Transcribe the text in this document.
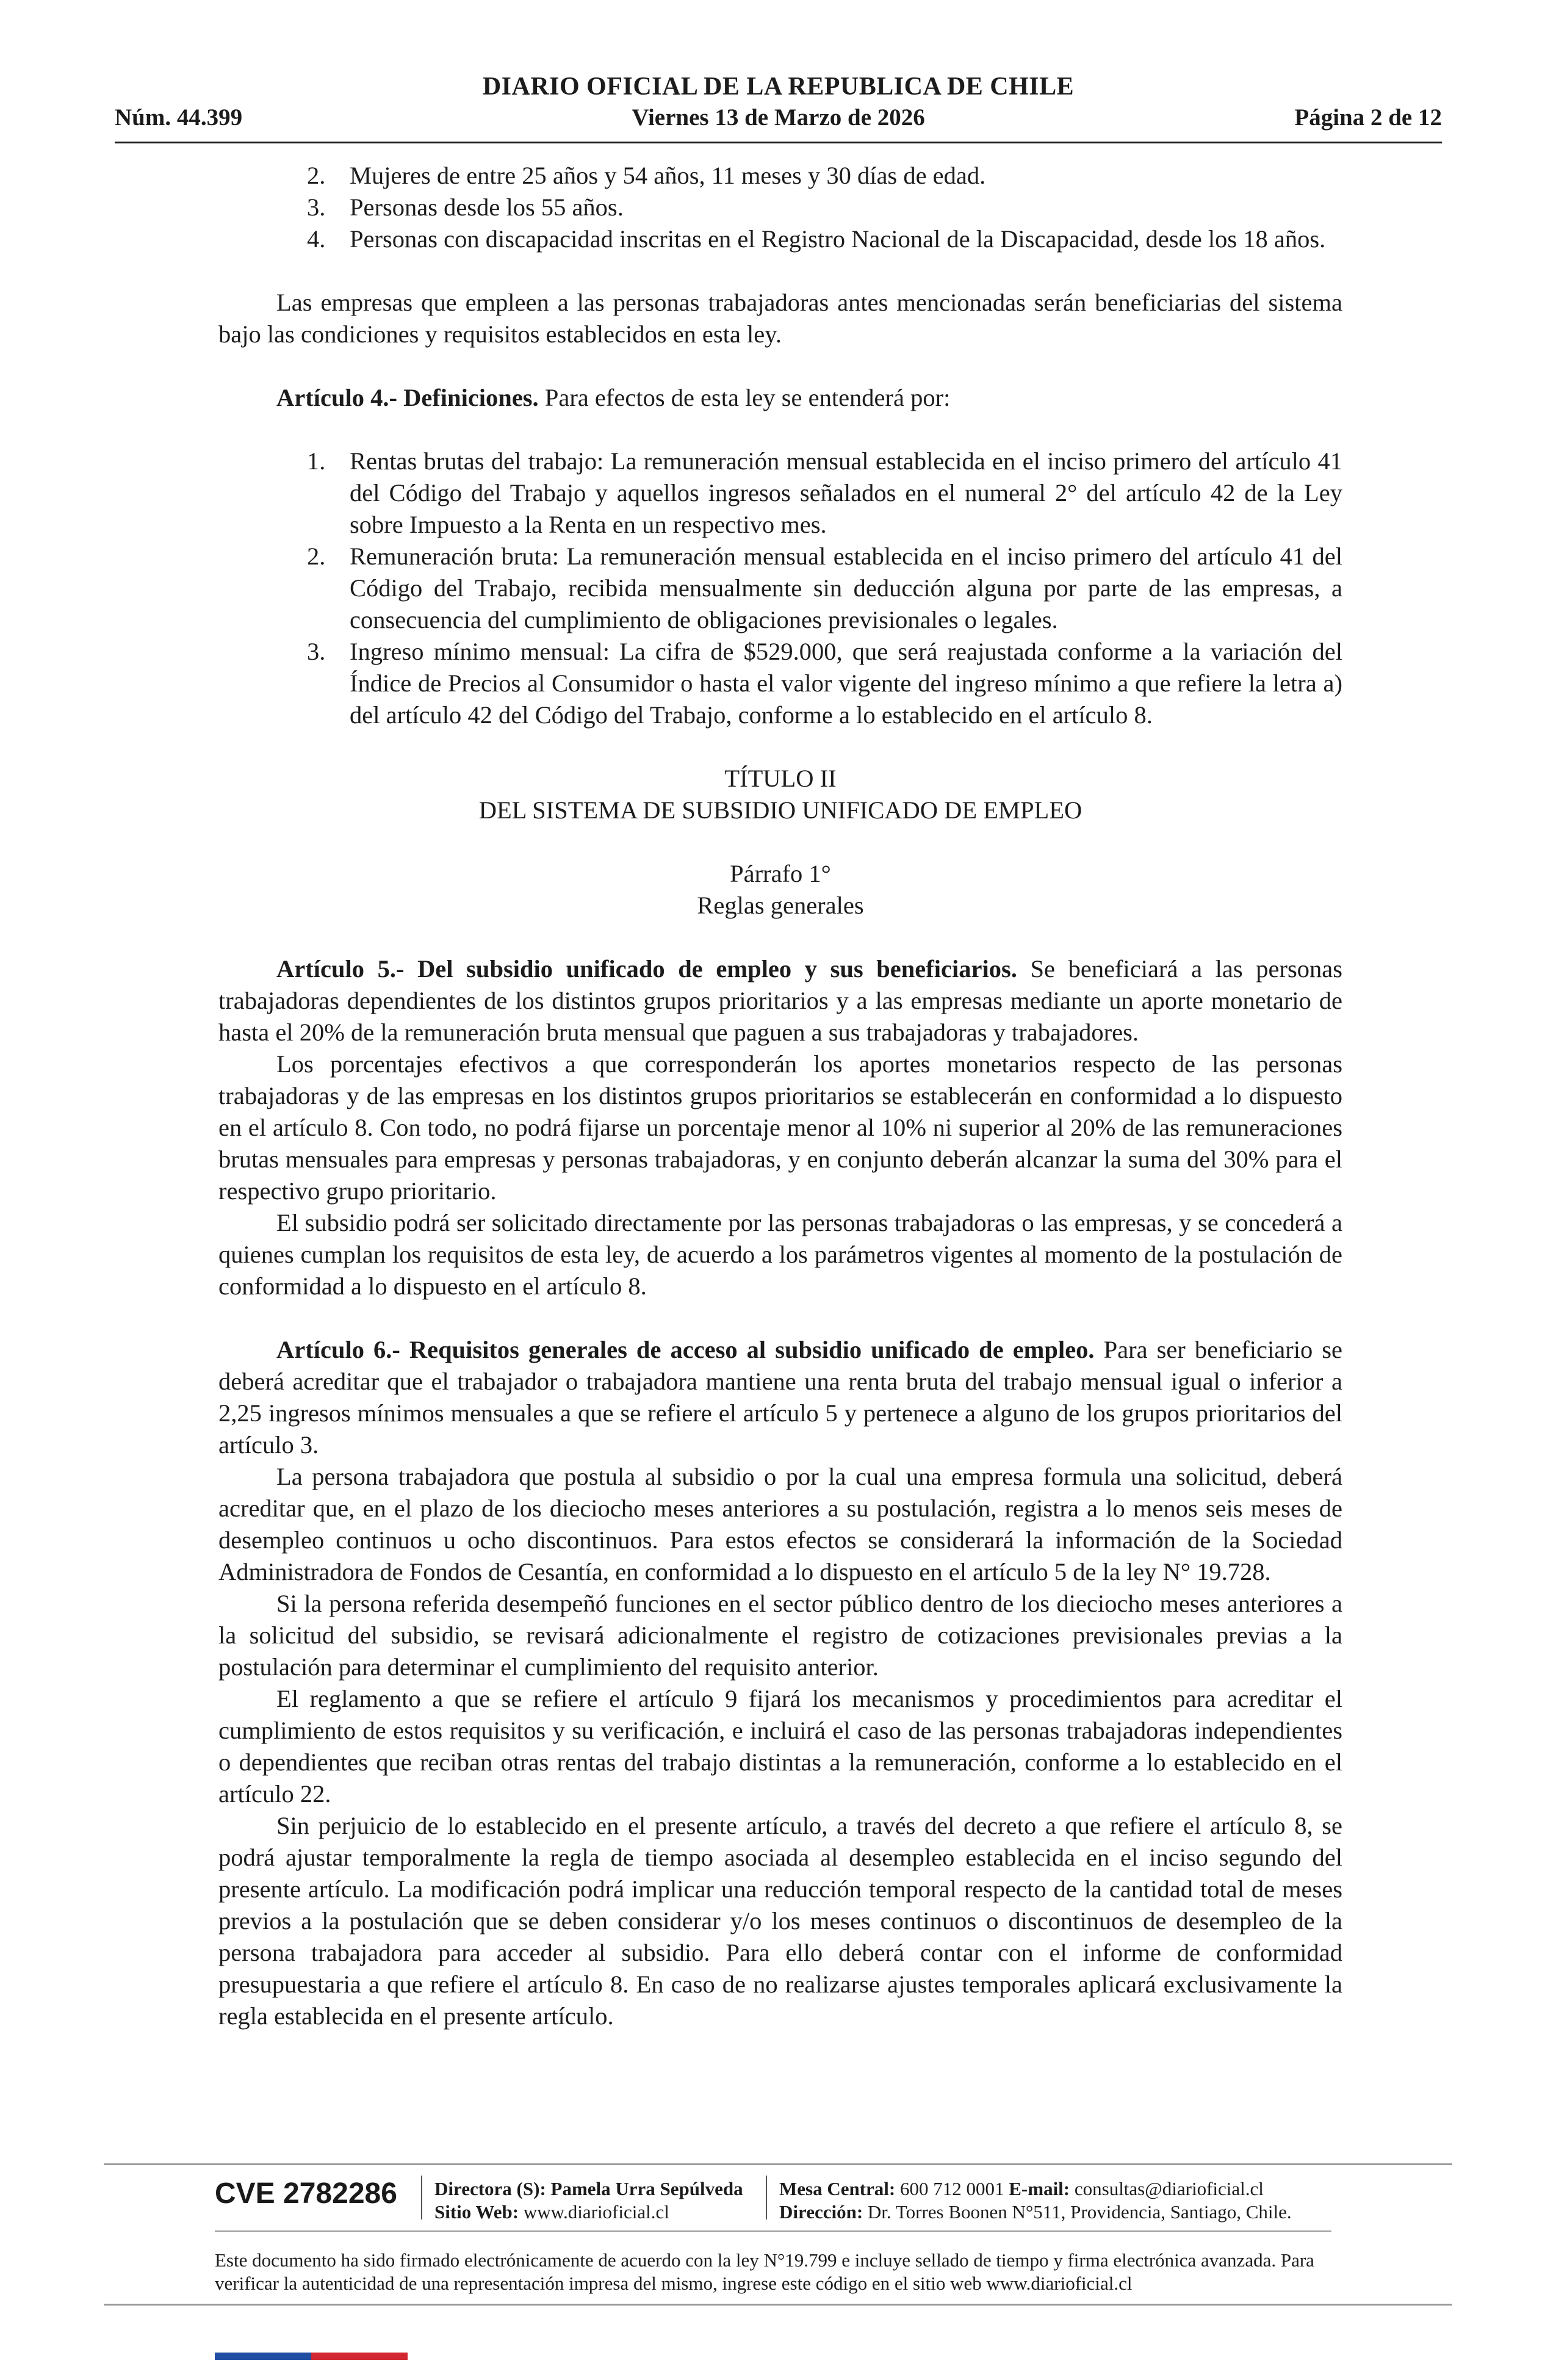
DIARIO OFICIAL DE LA REPUBLICA DE CHILE
Núm. 44.399	Viernes 13 de Marzo de 2026	Página 2 de 12
2. Mujeres de entre 25 años y 54 años, 11 meses y 30 días de edad.
3. Personas desde los 55 años.
4. Personas con discapacidad inscritas en el Registro Nacional de la Discapacidad, desde los 18 años.

Las empresas que empleen a las personas trabajadoras antes mencionadas serán beneficiarias del sistema bajo las condiciones y requisitos establecidos en esta ley.

Artículo 4.- Definiciones. Para efectos de esta ley se entenderá por:

1. Rentas brutas del trabajo: La remuneración mensual establecida en el inciso primero del artículo 41 del Código del Trabajo y aquellos ingresos señalados en el numeral 2° del artículo 42 de la Ley sobre Impuesto a la Renta en un respectivo mes.
2. Remuneración bruta: La remuneración mensual establecida en el inciso primero del artículo 41 del Código del Trabajo, recibida mensualmente sin deducción alguna por parte de las empresas, a consecuencia del cumplimiento de obligaciones previsionales o legales.
3. Ingreso mínimo mensual: La cifra de $529.000, que será reajustada conforme a la variación del Índice de Precios al Consumidor o hasta el valor vigente del ingreso mínimo a que refiere la letra a) del artículo 42 del Código del Trabajo, conforme a lo establecido en el artículo 8.

TÍTULO II

DEL SISTEMA DE SUBSIDIO UNIFICADO DE EMPLEO

Párrafo 1°

Reglas generales

Artículo 5.- Del subsidio unificado de empleo y sus beneficiarios. Se beneficiará a las personas trabajadoras dependientes de los distintos grupos prioritarios y a las empresas mediante un aporte monetario de hasta el 20% de la remuneración bruta mensual que paguen a sus trabajadoras y trabajadores.

Los porcentajes efectivos a que corresponderán los aportes monetarios respecto de las personas trabajadoras y de las empresas en los distintos grupos prioritarios se establecerán en conformidad a lo dispuesto en el artículo 8. Con todo, no podrá fijarse un porcentaje menor al 10% ni superior al 20% de las remuneraciones brutas mensuales para empresas y personas trabajadoras, y en conjunto deberán alcanzar la suma del 30% para el respectivo grupo prioritario.

El subsidio podrá ser solicitado directamente por las personas trabajadoras o las empresas, y se concederá a quienes cumplan los requisitos de esta ley, de acuerdo a los parámetros vigentes al momento de la postulación de conformidad a lo dispuesto en el artículo 8.

Artículo 6.- Requisitos generales de acceso al subsidio unificado de empleo. Para ser beneficiario se deberá acreditar que el trabajador o trabajadora mantiene una renta bruta del trabajo mensual igual o inferior a 2,25 ingresos mínimos mensuales a que se refiere el artículo 5 y pertenece a alguno de los grupos prioritarios del artículo 3.

La persona trabajadora que postula al subsidio o por la cual una empresa formula una solicitud, deberá acreditar que, en el plazo de los dieciocho meses anteriores a su postulación, registra a lo menos seis meses de desempleo continuos u ocho discontinuos. Para estos efectos se considerará la información de la Sociedad Administradora de Fondos de Cesantía, en conformidad a lo dispuesto en el artículo 5 de la ley N° 19.728.

Si la persona referida desempeñó funciones en el sector público dentro de los dieciocho meses anteriores a la solicitud del subsidio, se revisará adicionalmente el registro de cotizaciones previsionales previas a la postulación para determinar el cumplimiento del requisito anterior.

El reglamento a que se refiere el artículo 9 fijará los mecanismos y procedimientos para acreditar el cumplimiento de estos requisitos y su verificación, e incluirá el caso de las personas trabajadoras independientes o dependientes que reciban otras rentas del trabajo distintas a la remuneración, conforme a lo establecido en el artículo 22.

Sin perjuicio de lo establecido en el presente artículo, a través del decreto a que refiere el artículo 8, se podrá ajustar temporalmente la regla de tiempo asociada al desempleo establecida en el inciso segundo del presente artículo. La modificación podrá implicar una reducción temporal respecto de la cantidad total de meses previos a la postulación que se deben considerar y/o los meses continuos o discontinuos de desempleo de la persona trabajadora para acceder al subsidio. Para ello deberá contar con el informe de conformidad presupuestaria a que refiere el artículo 8. En caso de no realizarse ajustes temporales aplicará exclusivamente la regla establecida en el presente artículo.

CVE 2782286 Directora (S): Pamela Urra Sepúlveda
Sitio Web: www.diarioficial.cl
Mesa Central: 600 712 0001 E-mail: consultas@diarioficial.cl
Dirección: Dr. Torres Boonen N°511, Providencia, Santiago, Chile.
Este documento ha sido firmado electrónicamente de acuerdo con la ley N°19.799 e incluye sellado de tiempo y firma electrónica avanzada. Para verificar la autenticidad de una representación impresa del mismo, ingrese este código en el sitio web www.diarioficial.cl
